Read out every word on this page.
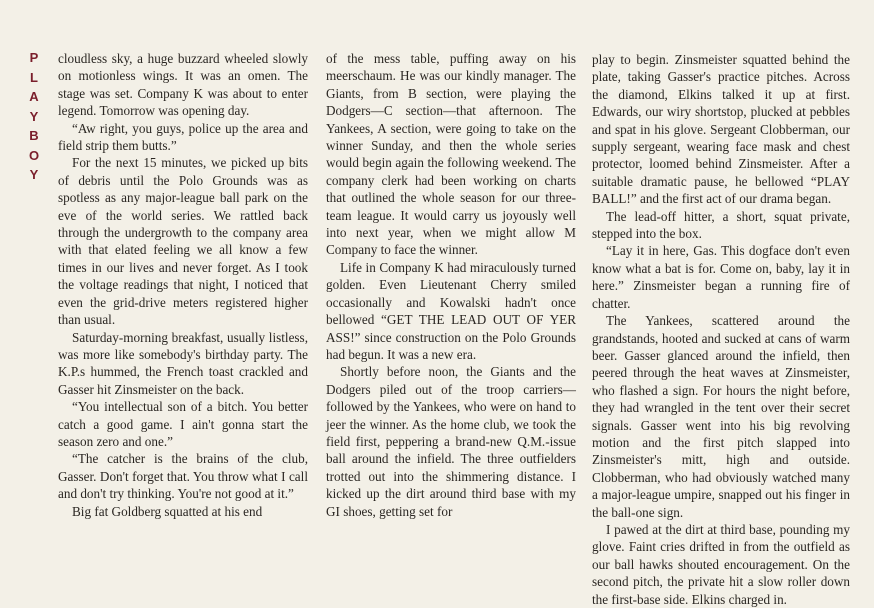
P
L
A
Y
B
O
Y

cloudless sky, a huge buzzard wheeled slowly on motionless wings. It was an omen. The stage was set. Company K was about to enter legend. Tomorrow was opening day.

“Aw right, you guys, police up the area and field strip them butts.”

For the next 15 minutes, we picked up bits of debris until the Polo Grounds was as spotless as any major-league ball park on the eve of the world series. We rattled back through the undergrowth to the company area with that elated feeling we all know a few times in our lives and never forget. As I took the voltage readings that night, I noticed that even the grid-drive meters registered higher than usual.

Saturday-morning breakfast, usually listless, was more like somebody's birthday party. The K.P.s hummed, the French toast crackled and Gasser hit Zinsmeister on the back.

“You intellectual son of a bitch. You better catch a good game. I ain't gonna start the season zero and one.”

“The catcher is the brains of the club, Gasser. Don't forget that. You throw what I call and don't try thinking. You're not good at it.”

Big fat Goldberg squatted at his end

of the mess table, puffing away on his meerschaum. He was our kindly manager. The Giants, from B section, were playing the Dodgers—C section—that afternoon. The Yankees, A section, were going to take on the winner Sunday, and then the whole series would begin again the following weekend. The company clerk had been working on charts that outlined the whole season for our three-team league. It would carry us joyously well into next year, when we might allow M Company to face the winner.

Life in Company K had miraculously turned golden. Even Lieutenant Cherry smiled occasionally and Kowalski hadn't once bellowed “GET THE LEAD OUT OF YER ASS!” since construction on the Polo Grounds had begun. It was a new era.

Shortly before noon, the Giants and the Dodgers piled out of the troop carriers—followed by the Yankees, who were on hand to jeer the winner. As the home club, we took the field first, peppering a brand-new Q.M.-issue ball around the infield. The three outfielders trotted out into the shimmering distance. I kicked up the dirt around third base with my GI shoes, getting set for

play to begin. Zinsmeister squatted behind the plate, taking Gasser's practice pitches. Across the diamond, Elkins talked it up at first. Edwards, our wiry shortstop, plucked at pebbles and spat in his glove. Sergeant Clobberman, our supply sergeant, wearing face mask and chest protector, loomed behind Zinsmeister. After a suitable dramatic pause, he bellowed “PLAY BALL!” and the first act of our drama began.

The lead-off hitter, a short, squat private, stepped into the box.

“Lay it in here, Gas. This dogface don't even know what a bat is for. Come on, baby, lay it in here.” Zinsmeister began a running fire of chatter.

The Yankees, scattered around the grandstands, hooted and sucked at cans of warm beer. Gasser glanced around the infield, then peered through the heat waves at Zinsmeister, who flashed a sign. For hours the night before, they had wrangled in the tent over their secret signals. Gasser went into his big revolving motion and the first pitch slapped into Zinsmeister's mitt, high and outside. Clobberman, who had obviously watched many a major-league umpire, snapped out his finger in the ball-one sign.

I pawed at the dirt at third base, pounding my glove. Faint cries drifted in from the outfield as our ball hawks shouted encouragement. On the second pitch, the private hit a slow roller down the first-base side. Elkins charged in.
